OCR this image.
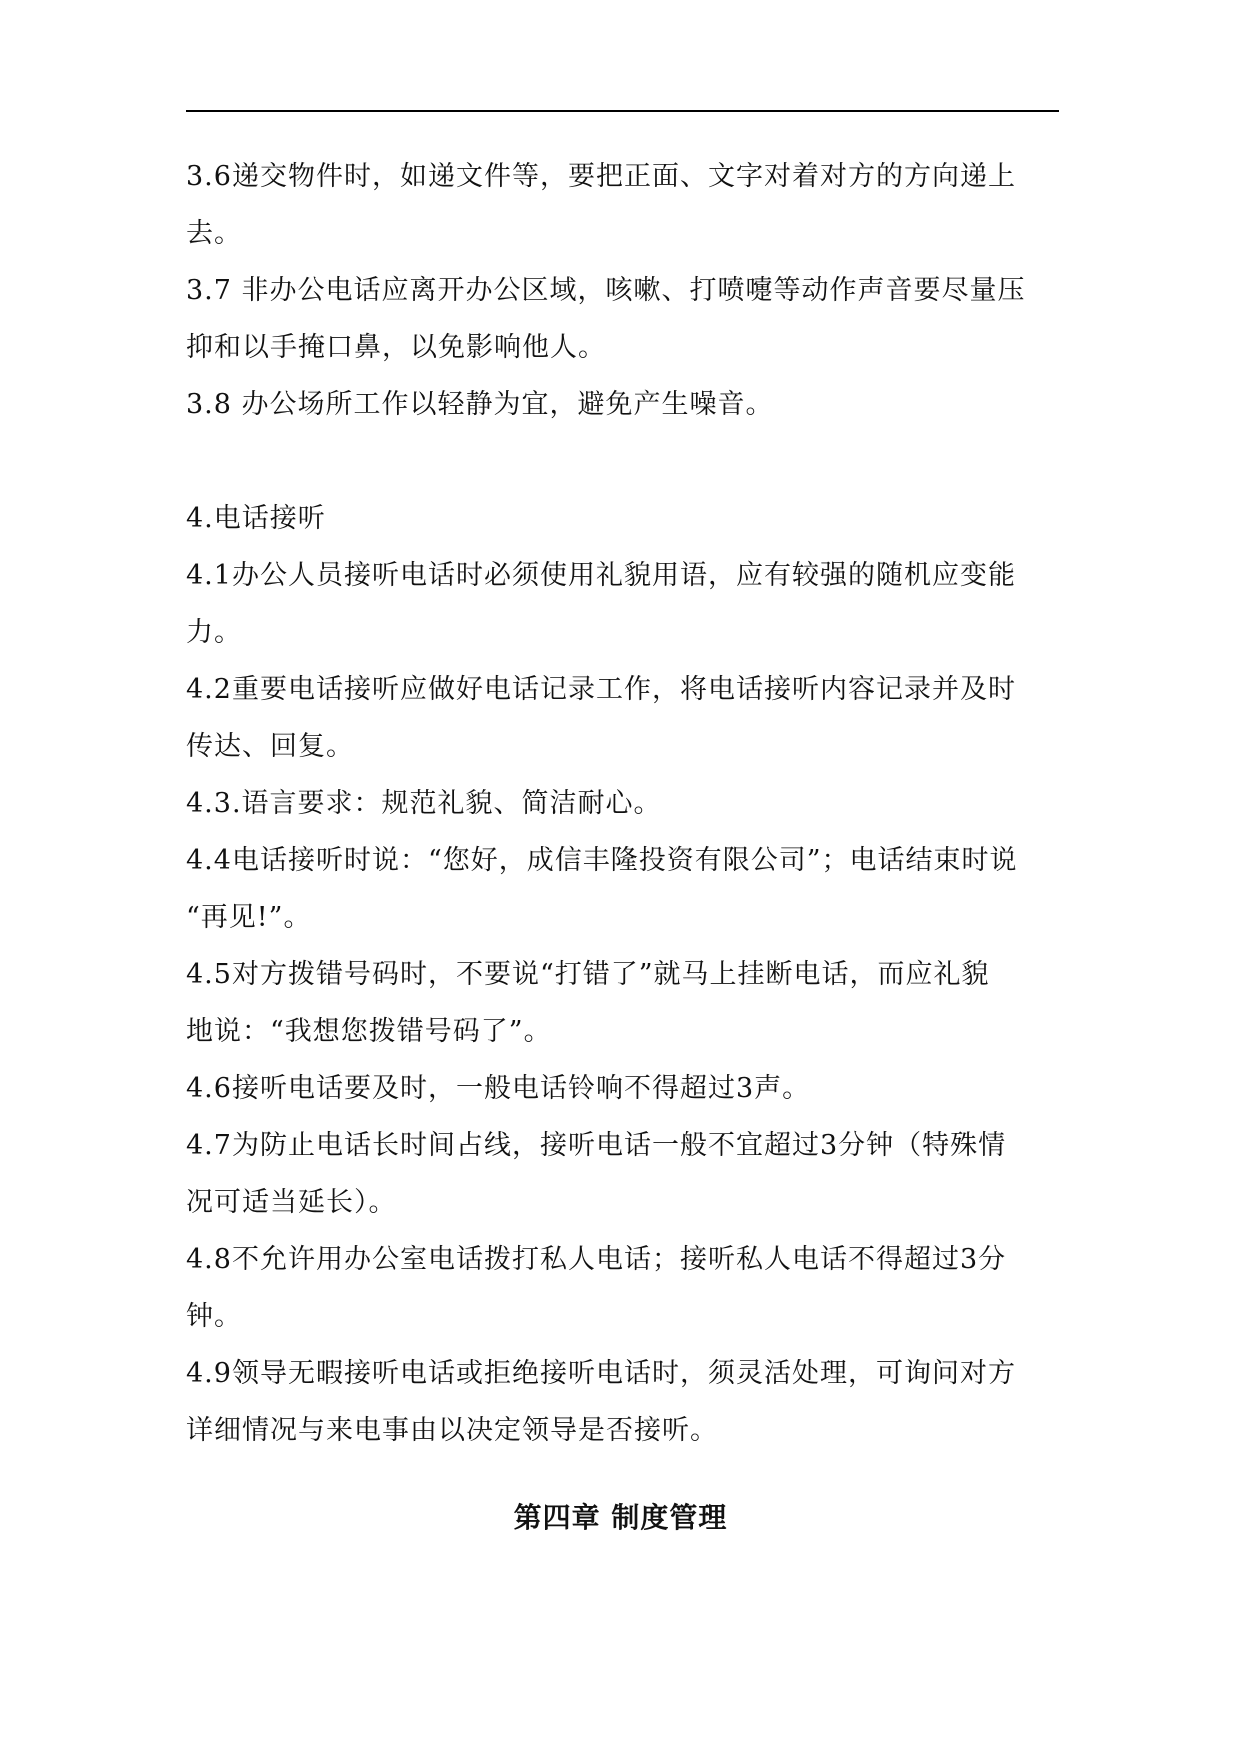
3.6递交物件时，如递文件等，要把正面、文字对着对方的方向递上
去。
3.7 非办公电话应离开办公区域，咳嗽、打喷嚏等动作声音要尽量压
抑和以手掩口鼻，以免影响他人。
3.8 办公场所工作以轻静为宜，避免产生噪音。
4.电话接听
4.1办公人员接听电话时必须使用礼貌用语，应有较强的随机应变能
力。
4.2重要电话接听应做好电话记录工作，将电话接听内容记录并及时
传达、回复。
4.3.语言要求：规范礼貌、简洁耐心。
4.4电话接听时说：“您好，成信丰隆投资有限公司”；电话结束时说
“再见!”。
4.5对方拨错号码时，不要说“打错了”就马上挂断电话，而应礼貌
地说：“我想您拨错号码了”。
4.6接听电话要及时，一般电话铃响不得超过3声。
4.7为防止电话长时间占线，接听电话一般不宜超过3分钟（特殊情
况可适当延长）。
4.8不允许用办公室电话拨打私人电话；接听私人电话不得超过3分
钟。
4.9领导无暇接听电话或拒绝接听电话时，须灵活处理，可询问对方
详细情况与来电事由以决定领导是否接听。
第四章 制度管理
